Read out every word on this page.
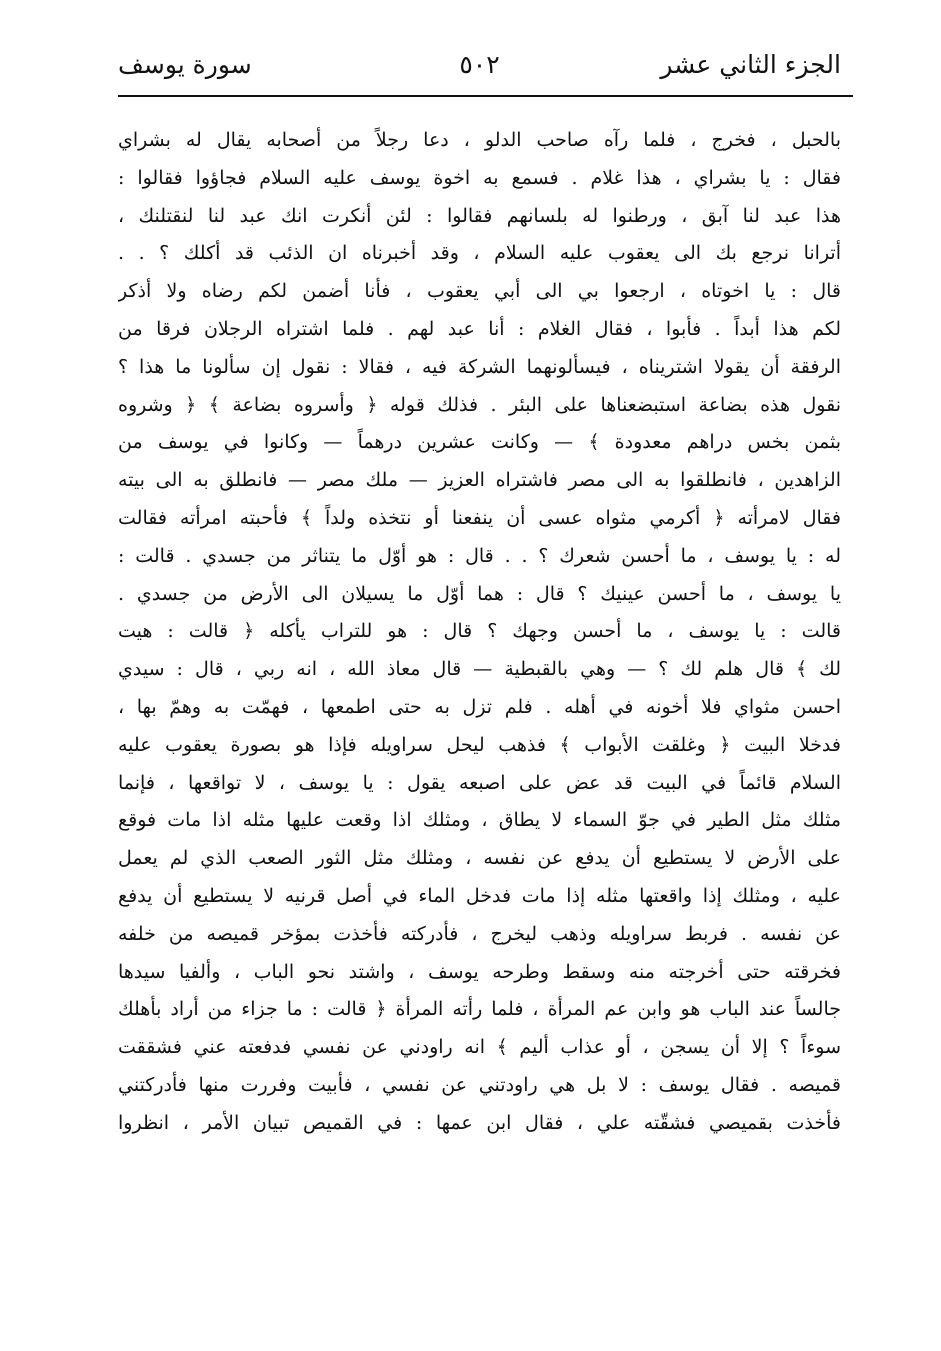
الجزء الثاني عشر
٥٠٢
سورة يوسف
بالحبل ، فخرج ، فلما رآه صاحب الدلو ، دعا رجلاً من أصحابه يقال له بشراي
فقال : يا بشراي ، هذا غلام . فسمع به اخوة يوسف عليه السلام فجاؤوا فقالوا :
هذا عبد لنا آبق ، ورطنوا له بلسانهم فقالوا : لئن أنكرت انك عبد لنا لنقتلنك ،
أترانا نرجع بك الى يعقوب عليه السلام ، وقد أخبرناه ان الذئب قد أكلك ؟ . .
قال : يا اخوتاه ، ارجعوا بي الى أبي يعقوب ، فأنا أضمن لكم رضاه ولا أذكر
لكم هذا أبداً . فأبوا ، فقال الغلام : أنا عبد لهم . فلما اشتراه الرجلان فرقا من
الرفقة أن يقولا اشتريناه ، فيسألونهما الشركة فيه ، فقالا : نقول إن سألونا ما هذا ؟
نقول هذه بضاعة استبضعناها على البئر . فذلك قوله ﴿ وأسروه بضاعة ﴾ ﴿ وشروه
بثمن بخس دراهم معدودة ﴾ — وكانت عشرين درهماً — وكانوا في يوسف من
الزاهدين ، فانطلقوا به الى مصر فاشتراه العزيز — ملك مصر — فانطلق به الى بيته
فقال لامرأته ﴿ أكرمي مثواه عسى أن ينفعنا أو نتخذه ولداً ﴾ فأحبته امرأته فقالت
له : يا يوسف ، ما أحسن شعرك ؟ . . قال : هو أوّل ما يتناثر من جسدي . قالت :
يا يوسف ، ما أحسن عينيك ؟ قال : هما أوّل ما يسيلان الى الأرض من جسدي .
قالت : يا يوسف ، ما أحسن وجهك ؟ قال : هو للتراب يأكله ﴿ قالت : هيت
لك ﴾ قال هلم لك ؟ — وهي بالقبطية — قال معاذ الله ، انه ربي ، قال : سيدي
احسن مثواي فلا أخونه في أهله . فلم تزل به حتى اطمعها ، فهمّت به وهمّ بها ،
فدخلا البيت ﴿ وغلقت الأبواب ﴾ فذهب ليحل سراويله فإذا هو بصورة يعقوب عليه
السلام قائماً في البيت قد عض على اصبعه يقول : يا يوسف ، لا تواقعها ، فإنما
مثلك مثل الطير في جوّ السماء لا يطاق ، ومثلك اذا وقعت عليها مثله اذا مات فوقع
على الأرض لا يستطيع أن يدفع عن نفسه ، ومثلك مثل الثور الصعب الذي لم يعمل
عليه ، ومثلك إذا واقعتها مثله إذا مات فدخل الماء في أصل قرنيه لا يستطيع أن يدفع
عن نفسه . فربط سراويله وذهب ليخرج ، فأدركته فأخذت بمؤخر قميصه من خلفه
فخرقته حتى أخرجته منه وسقط وطرحه يوسف ، واشتد نحو الباب ، وألفيا سيدها
جالساً عند الباب هو وابن عم المرأة ، فلما رأته المرأة ﴿ قالت : ما جزاء من أراد بأهلك
سوءاً ؟ إلا أن يسجن ، أو عذاب أليم ﴾ انه راودني عن نفسي فدفعته عني فشققت
قميصه . فقال يوسف : لا بل هي راودتني عن نفسي ، فأبيت وفررت منها فأدركتني
فأخذت بقميصي فشقّته علي ، فقال ابن عمها : في القميص تبيان الأمر ، انظروا
